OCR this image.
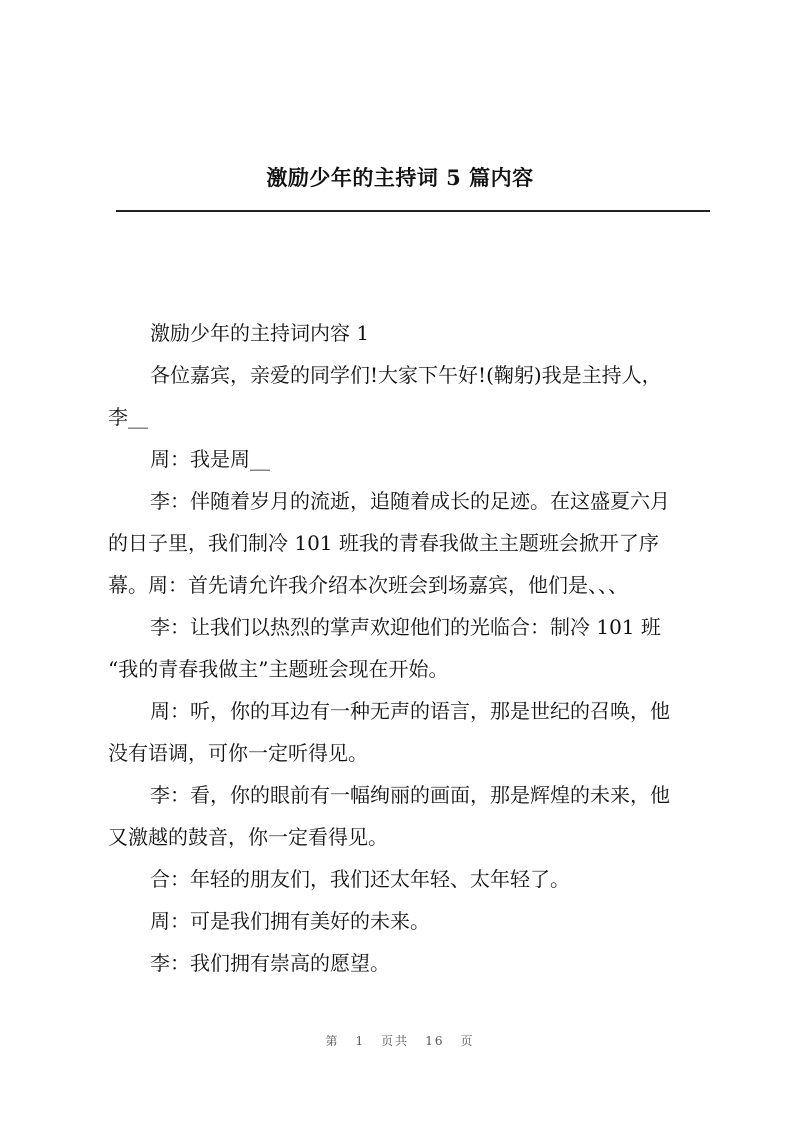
激励少年的主持词 5 篇内容

激励少年的主持词内容 1

各位嘉宾，亲爱的同学们!大家下午好!(鞠躬)我是主持人，
李__

周：我是周__

李：伴随着岁月的流逝，追随着成长的足迹。在这盛夏六月
的日子里，我们制冷 101 班我的青春我做主主题班会掀开了序
幕。周：首先请允许我介绍本次班会到场嘉宾，他们是、、、

李：让我们以热烈的掌声欢迎他们的光临合：制冷 101 班
“我的青春我做主”主题班会现在开始。

周：听，你的耳边有一种无声的语言，那是世纪的召唤，他
没有语调，可你一定听得见。

李：看，你的眼前有一幅绚丽的画面，那是辉煌的未来，他
又激越的鼓音，你一定看得见。

合：年轻的朋友们，我们还太年轻、太年轻了。

周：可是我们拥有美好的未来。

李：我们拥有崇高的愿望。

第 1 页共 16 页
